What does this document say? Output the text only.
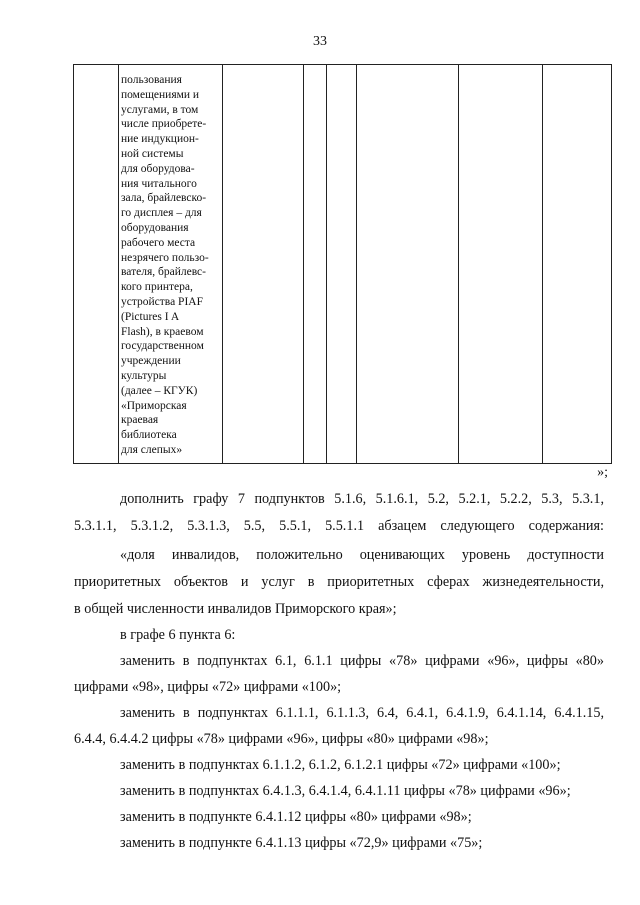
33

пользования
помещениями и
услугами, в том
числе приобрете-
ние индукцион-
ной системы
для оборудова-
ния читального
зала, брайлевско-
го дисплея – для
оборудования
рабочего места
незрячего пользо-
вателя, брайлевс-
кого принтера,
устройства PIAF
(Pictures I A
Flash), в краевом
государственном
учреждении
культуры
(далее – КГУК)
«Приморская
краевая
библиотека
для слепых»

»;
дополнить графу 7 подпунктов 5.1.6, 5.1.6.1, 5.2, 5.2.1, 5.2.2, 5.3, 5.3.1,
5.3.1.1, 5.3.1.2, 5.3.1.3, 5.5, 5.5.1, 5.5.1.1 абзацем следующего содержания:
«доля инвалидов, положительно оценивающих уровень доступности
приоритетных объектов и услуг в приоритетных сферах жизнедеятельности,
в общей численности инвалидов Приморского края»;
в графе 6 пункта 6:
заменить в подпунктах 6.1, 6.1.1 цифры «78» цифрами «96», цифры «80»
цифрами «98», цифры «72» цифрами «100»;
заменить в подпунктах 6.1.1.1, 6.1.1.3, 6.4, 6.4.1, 6.4.1.9, 6.4.1.14, 6.4.1.15,
6.4.4, 6.4.4.2 цифры «78» цифрами «96», цифры «80» цифрами «98»;
заменить в подпунктах 6.1.1.2, 6.1.2, 6.1.2.1 цифры «72» цифрами «100»;
заменить в подпунктах 6.4.1.3, 6.4.1.4, 6.4.1.11 цифры «78» цифрами «96»;
заменить в подпункте 6.4.1.12 цифры «80» цифрами «98»;
заменить в подпункте 6.4.1.13 цифры «72,9» цифрами «75»;
